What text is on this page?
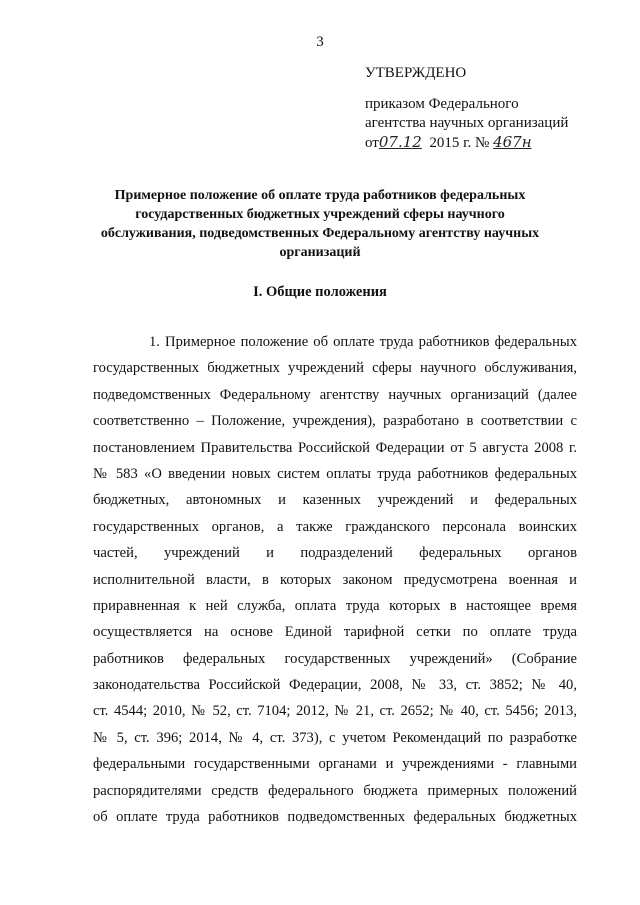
3
УТВЕРЖДЕНО
приказом Федерального
агентства научных организаций
от07.12 2015 г. № 467н
Примерное положение об оплате труда работников федеральных
государственных бюджетных учреждений сферы научного
обслуживания, подведомственных Федеральному агентству научных
организаций
I. Общие положения
1. Примерное положение об оплате труда работников федеральных
государственных бюджетных учреждений сферы научного обслуживания,
подведомственных Федеральному агентству научных организаций (далее
соответственно – Положение, учреждения), разработано в соответствии с
постановлением Правительства Российской Федерации от 5 августа 2008 г.
№ 583 «О введении новых систем оплаты труда работников федеральных
бюджетных, автономных и казенных учреждений и федеральных
государственных органов, а также гражданского персонала воинских
частей, учреждений и подразделений федеральных органов
исполнительной власти, в которых законом предусмотрена военная и
приравненная к ней служба, оплата труда которых в настоящее время
осуществляется на основе Единой тарифной сетки по оплате труда
работников федеральных государственных учреждений» (Собрание
законодательства Российской Федерации, 2008, № 33, ст. 3852; № 40,
ст. 4544; 2010, № 52, ст. 7104; 2012, № 21, ст. 2652; № 40, ст. 5456; 2013,
№ 5, ст. 396; 2014, № 4, ст. 373), с учетом Рекомендаций по разработке
федеральными государственными органами и учреждениями - главными
распорядителями средств федерального бюджета примерных положений
об оплате труда работников подведомственных федеральных бюджетных
